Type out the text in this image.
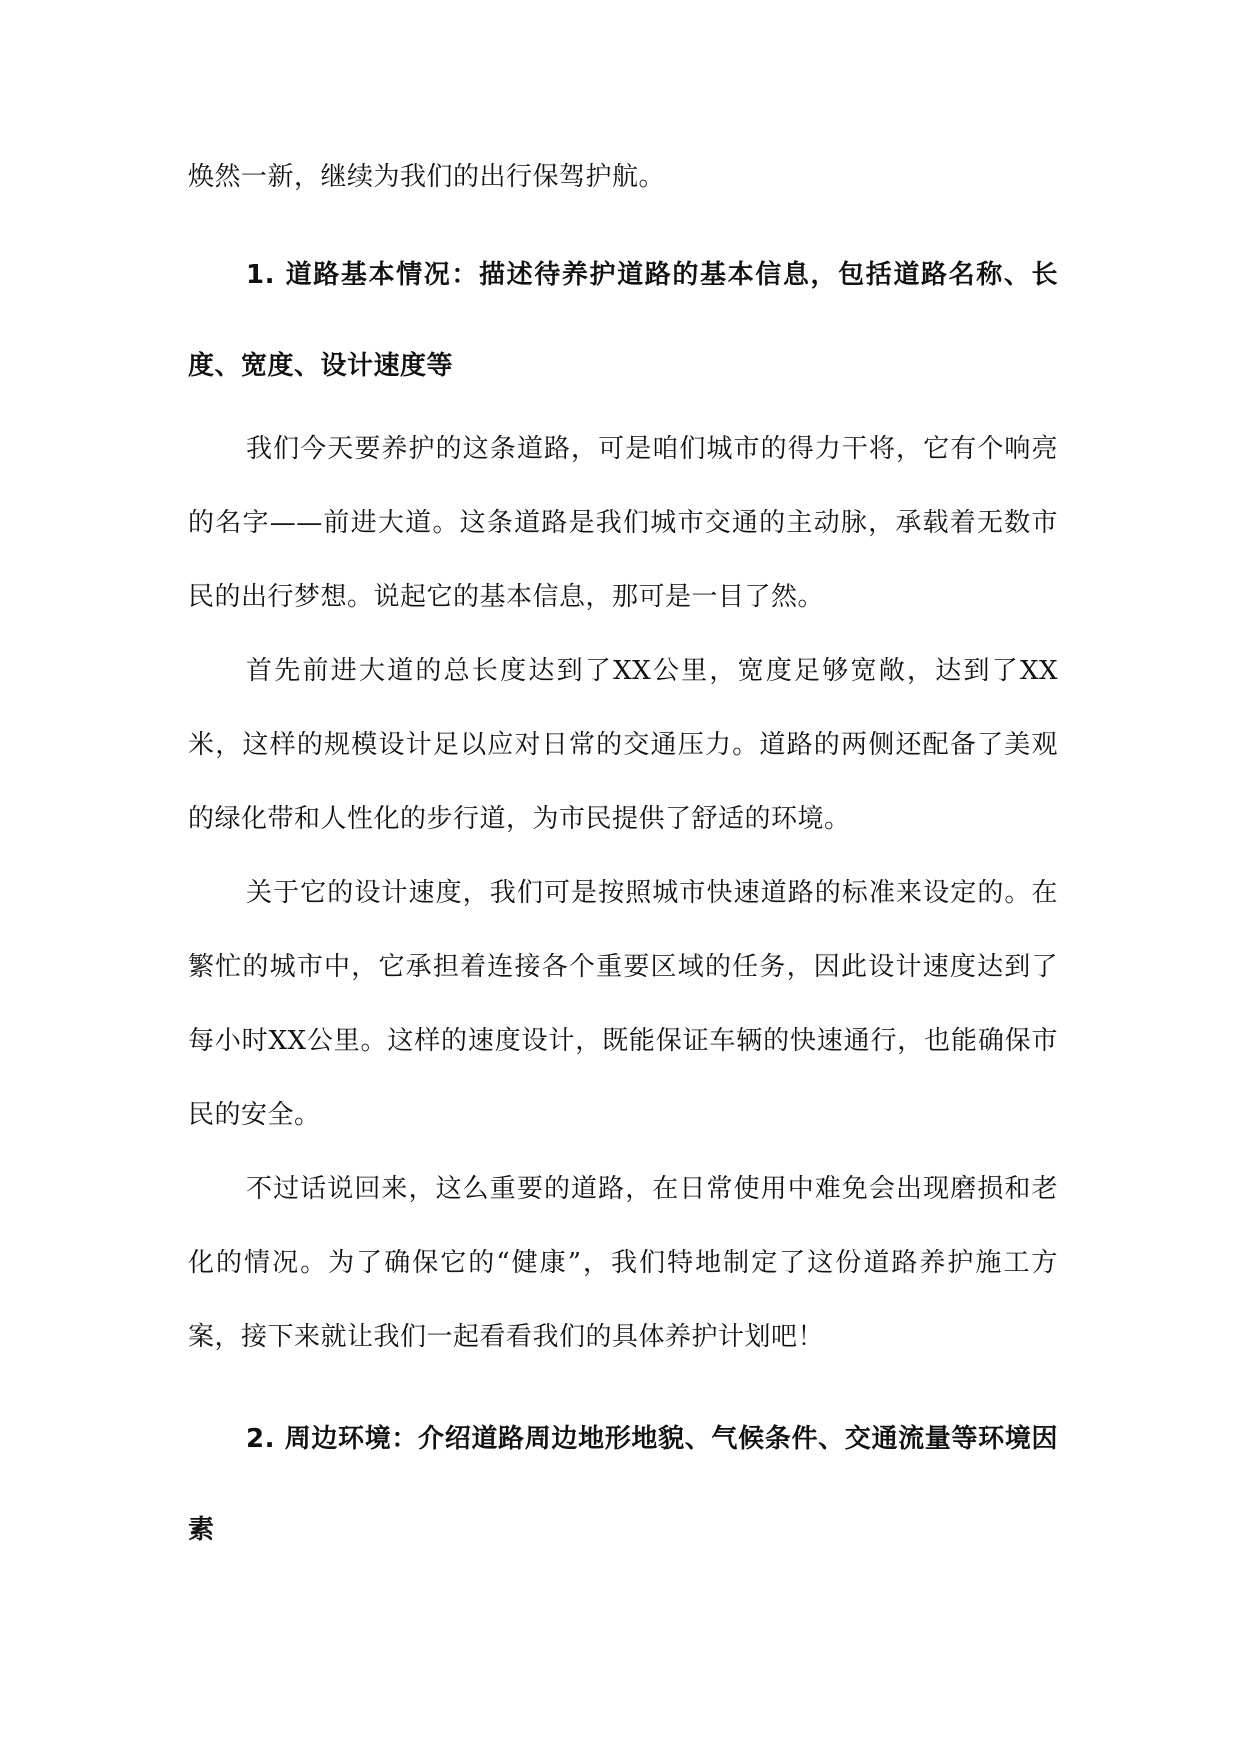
焕然一新，继续为我们的出行保驾护航。

1. 道路基本情况：描述待养护道路的基本信息，包括道路名称、长度、宽度、设计速度等

我们今天要养护的这条道路，可是咱们城市的得力干将，它有个响亮的名字——前进大道。这条道路是我们城市交通的主动脉，承载着无数市民的出行梦想。说起它的基本信息，那可是一目了然。

首先前进大道的总长度达到了XX公里，宽度足够宽敞，达到了XX米，这样的规模设计足以应对日常的交通压力。道路的两侧还配备了美观的绿化带和人性化的步行道，为市民提供了舒适的环境。

关于它的设计速度，我们可是按照城市快速道路的标准来设定的。在繁忙的城市中，它承担着连接各个重要区域的任务，因此设计速度达到了每小时XX公里。这样的速度设计，既能保证车辆的快速通行，也能确保市民的安全。

不过话说回来，这么重要的道路，在日常使用中难免会出现磨损和老化的情况。为了确保它的“健康”，我们特地制定了这份道路养护施工方案，接下来就让我们一起看看我们的具体养护计划吧！

2. 周边环境：介绍道路周边地形地貌、气候条件、交通流量等环境因素
